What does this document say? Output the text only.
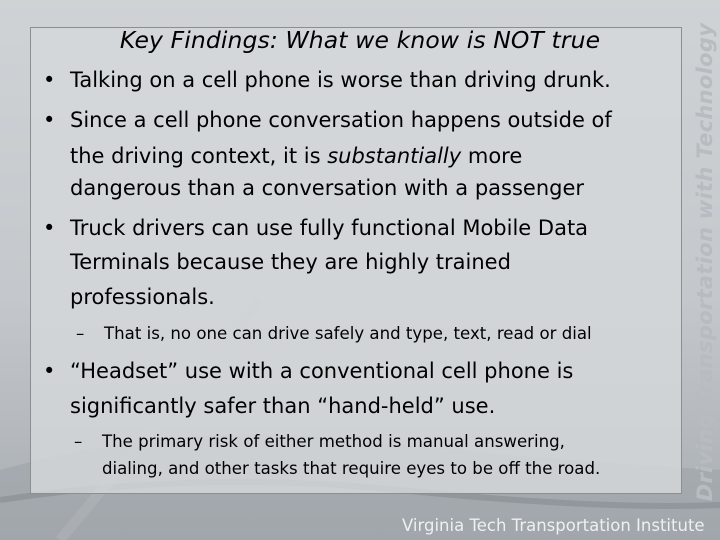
Key Findings: What we know is NOT true
• Talking on a cell phone is worse than driving drunk.
• Since a cell phone conversation happens outside of
the driving context, it is substantially more
dangerous than a conversation with a passenger
• Truck drivers can use fully functional Mobile Data
Terminals because they are highly trained
professionals.
– That is, no one can drive safely and type, text, read or dial
• “Headset” use with a conventional cell phone is
significantly safer than “hand-held” use.
– The primary risk of either method is manual answering,
dialing, and other tasks that require eyes to be off the road.	Driving Transportation with Technology
Virginia Tech Transportation Institute
